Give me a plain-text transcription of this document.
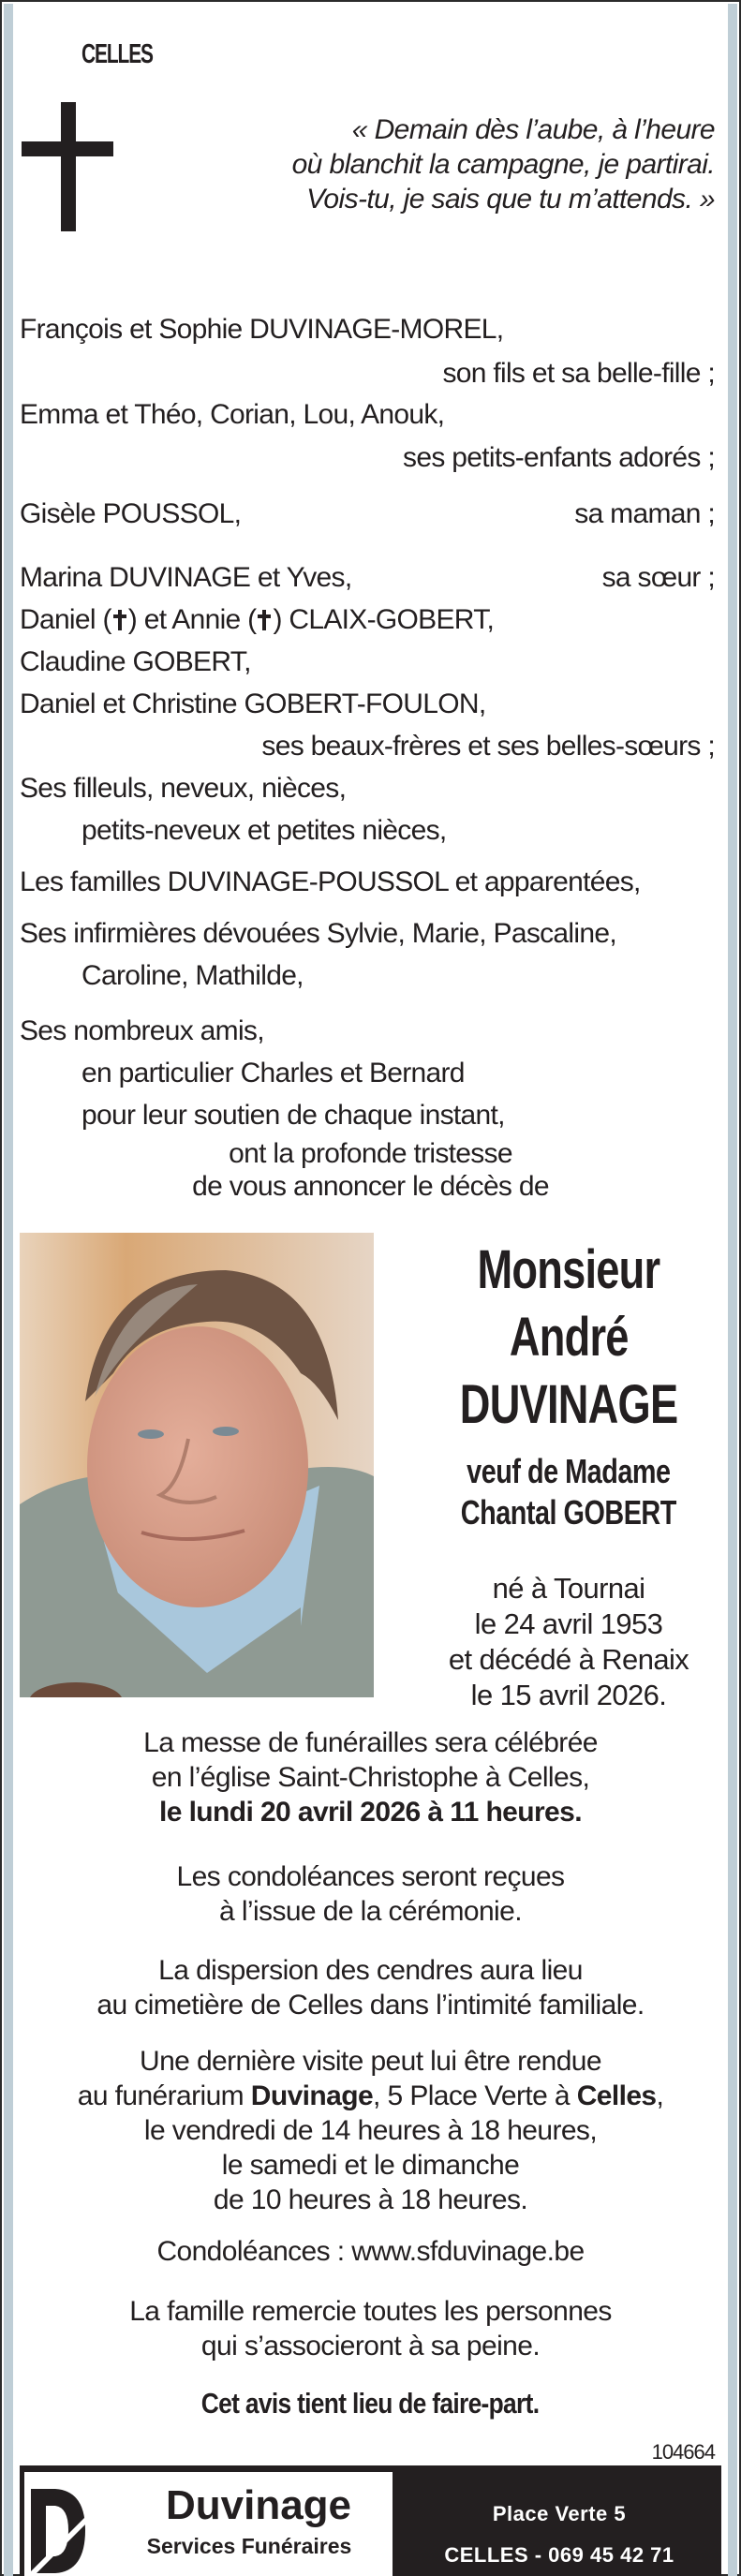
CELLES
« Demain dès l’aube, à l’heure
où blanchit la campagne, je partirai.
Vois-tu, je sais que tu m’attends. »
François et Sophie DUVINAGE-MOREL,
son fils et sa belle-fille ;
Emma et Théo, Corian, Lou, Anouk,
ses petits-enfants adorés ;
Gisèle POUSSOL,	sa maman ;
Marina DUVINAGE et Yves,	sa sœur ;
Daniel ( ) et Annie ( ) CLAIX-GOBERT,
Claudine GOBERT,
Daniel et Christine GOBERT-FOULON,
ses beaux-frères et ses belles-sœurs ;
Ses filleuls, neveux, nièces,
petits-neveux et petites nièces,
Les familles DUVINAGE-POUSSOL et apparentées,
Ses infirmières dévouées Sylvie, Marie, Pascaline,
Caroline, Mathilde,
Ses nombreux amis,
en particulier Charles et Bernard
pour leur soutien de chaque instant,
ont la profonde tristesse
de vous annoncer le décès de
Monsieur
André
DUVINAGE
veuf de Madame
Chantal GOBERT
né à Tournai
le 24 avril 1953
et décédé à Renaix
le 15 avril 2026.
La messe de funérailles sera célébrée
en l’église Saint-Christophe à Celles,
le lundi 20 avril 2026 à 11 heures.
Les condoléances seront reçues
à l’issue de la cérémonie.
La dispersion des cendres aura lieu
au cimetière de Celles dans l’intimité familiale.
Une dernière visite peut lui être rendue
au funérarium Duvinage, 5 Place Verte à Celles,
le vendredi de 14 heures à 18 heures,
le samedi et le dimanche
de 10 heures à 18 heures.
Condoléances : www.sfduvinage.be
La famille remercie toutes les personnes
qui s’associeront à sa peine.
Cet avis tient lieu de faire-part.
104664
Duvinage
Services Funéraires
Place Verte 5
CELLES - 069 45 42 71
